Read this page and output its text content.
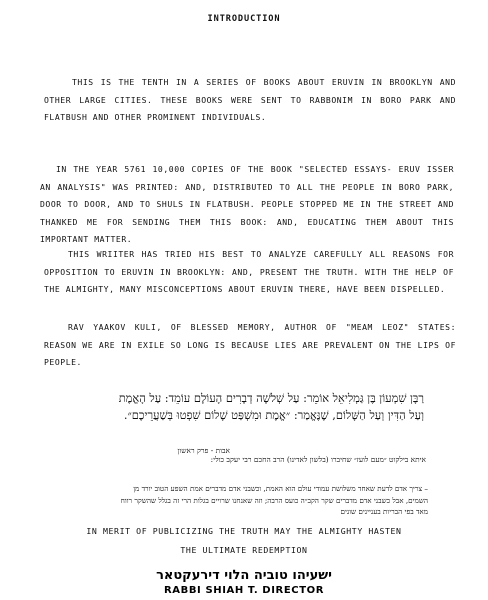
INTRODUCTION
THIS IS THE TENTH IN A SERIES OF BOOKS ABOUT ERUVIN IN BROOKLYN AND OTHER LARGE CITIES. THESE BOOKS WERE SENT TO RABBONIM IN BORO PARK AND FLATBUSH AND OTHER PROMINENT INDIVIDUALS.
IN THE YEAR 5761 10,000 COPIES OF THE BOOK "SELECTED ESSAYS- ERUV ISSER AN ANALYSIS" WAS PRINTED: AND, DISTRIBUTED TO ALL THE PEOPLE IN BORO PARK, DOOR TO DOOR, AND TO SHULS IN FLATBUSH. PEOPLE STOPPED ME IN THE STREET AND THANKED ME FOR SENDING THEM THIS BOOK: AND, EDUCATING THEM ABOUT THIS IMPORTANT MATTER.
THIS WRIITER HAS TRIED HIS BEST TO ANALYZE CAREFULLY ALL REASONS FOR OPPOSITION TO ERUVIN IN BROOKLYN: AND, PRESENT THE TRUTH. WITH THE HELP OF THE ALMIGHTY, MANY MISCONCEPTIONS ABOUT ERUVIN THERE, HAVE BEEN DISPELLED.
RAV YAAKOV KULI, OF BLESSED MEMORY, AUTHOR OF "MEAM LEOZ" STATES: REASON WE ARE IN EXILE SO LONG IS BECAUSE LIES ARE PREVALENT ON THE LIPS OF PEOPLE.
רַבָּן שִׁמְעוֹן בֶּן גַּמְלִיאֵל אוֹמֵר: עַל שְׁלֹשָׁה דְבָרִים הָעוֹלָם עוֹמֵד: עַל הָאֱמֶת וְעַל הַדִּין וְעַל הַשָּׁלוֹם, שֶׁנֶּאֱמַר: ״אֱמֶת וּמִשְׁפַּט שָׁלוֹם שִׁפְטוּ בְּשַׁעֲרֵיכֶם״.
אבות - פרק ראשון
איתא בילקוט ״מעם לועז״ שחיברו (בלשון לאדינו) הרב החכם רבי יעקב כולי:
– צריך אדם לדעת שאחד משלושת עמודי עולם הוא האמת, וכשבני אדם מדברים אמת השפע הטוב יורד מן השמים, אבל כשבני אדם מדברים שקר הקב״ה כועס הרבה; וזה שאנחנו שרויים בגלות הרי זה בגלל שהשקר רווח מאד בפי הבריות בעניינים שונים
IN MERIT OF PUBLICIZING THE TRUTH MAY THE ALMIGHTY HASTEN
THE ULTIMATE REDEMPTION
ישעיהו טוביה הלוי דירעקטאר
RABBI SHIAH T. DIRECTOR
